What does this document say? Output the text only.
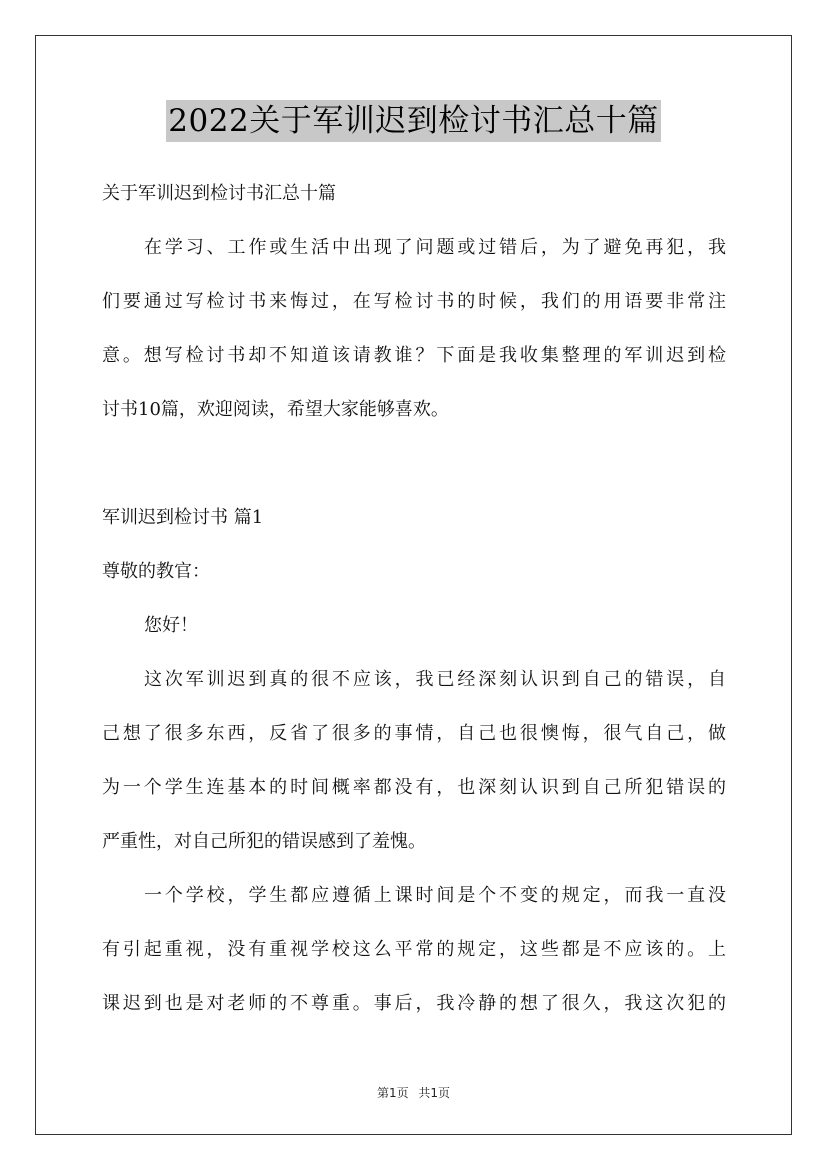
2022关于军训迟到检讨书汇总十篇
关于军训迟到检讨书汇总十篇
在学习、工作或生活中出现了问题或过错后，为了避免再犯，我
们要通过写检讨书来悔过，在写检讨书的时候，我们的用语要非常注
意。想写检讨书却不知道该请教谁？下面是我收集整理的军训迟到检
讨书10篇，欢迎阅读，希望大家能够喜欢。
军训迟到检讨书 篇1
尊敬的教官：
您好！
这次军训迟到真的很不应该，我已经深刻认识到自己的错误，自
己想了很多东西，反省了很多的事情，自己也很懊悔，很气自己，做
为一个学生连基本的时间概率都没有，也深刻认识到自己所犯错误的
严重性，对自己所犯的错误感到了羞愧。
一个学校，学生都应遵循上课时间是个不变的规定，而我一直没
有引起重视，没有重视学校这么平常的规定，这些都是不应该的。上
课迟到也是对老师的不尊重。事后，我冷静的想了很久，我这次犯的
第1页 共1页
